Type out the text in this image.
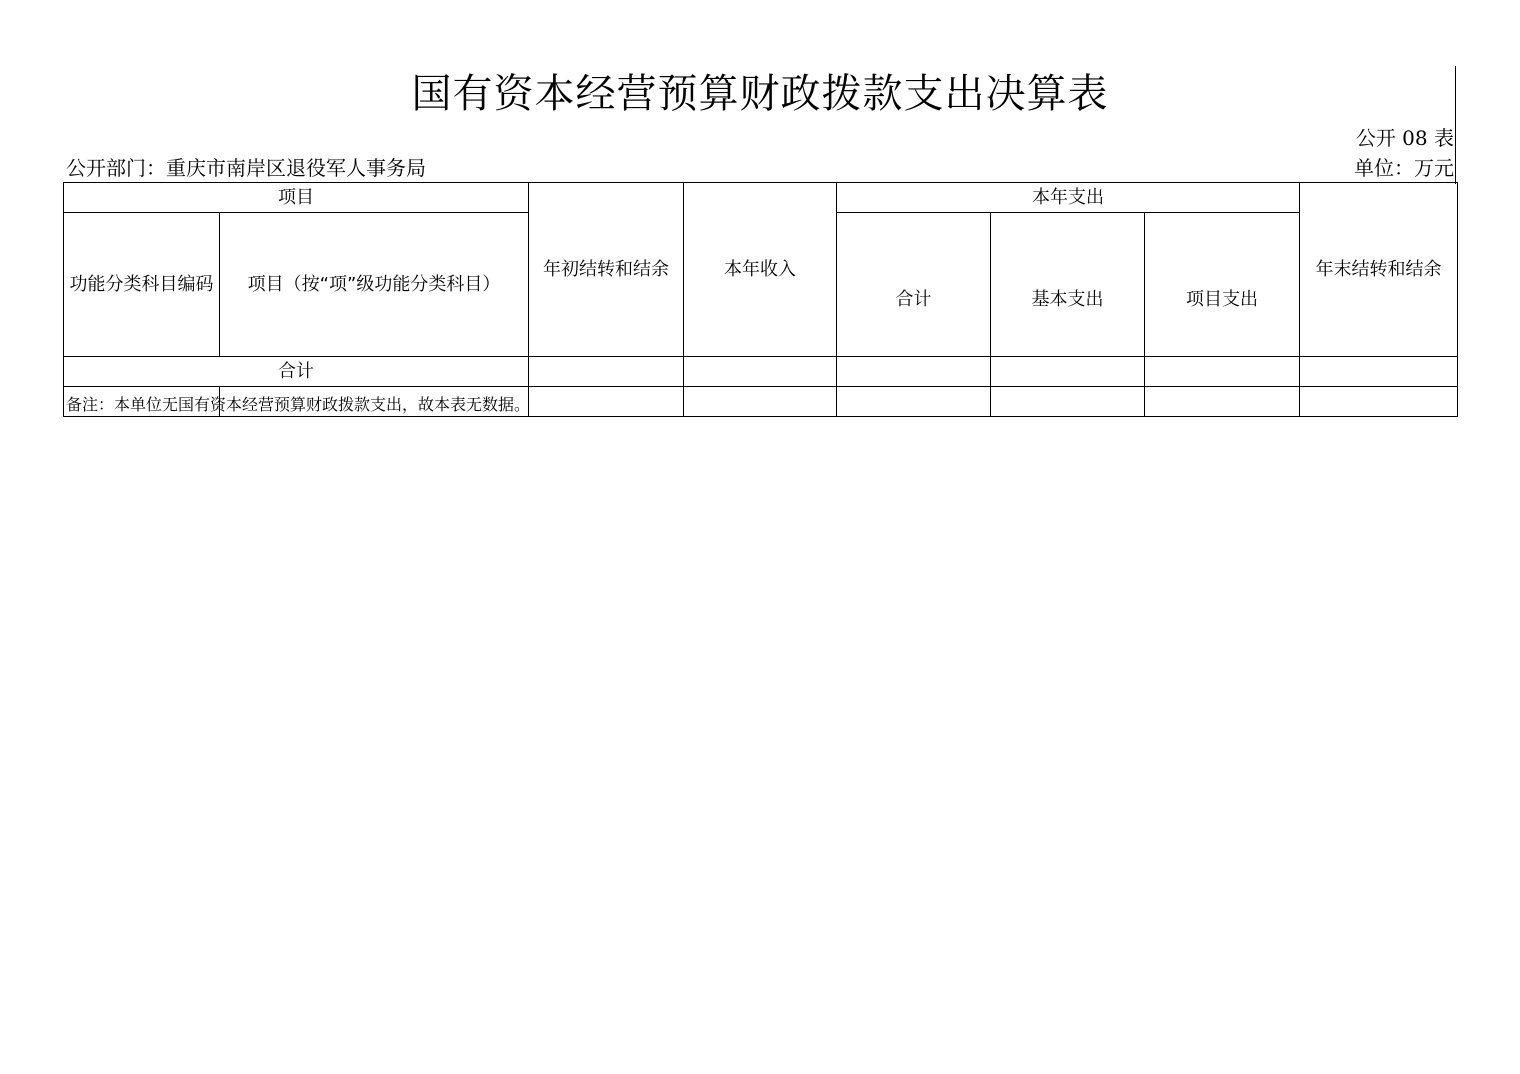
国有资本经营预算财政拨款支出决算表
公开 08 表
公开部门：重庆市南岸区退役军人事务局	单位：万元
项目		年初结转和结余	本年收入	本年支出			年末结转和结余
功能分类科目编码	项目（按“项”级功能分类科目）			合计	基本支出	项目支出	
合计							

备注：本单位无国有资本经营预算财政拨款支出，故本表无数据。
